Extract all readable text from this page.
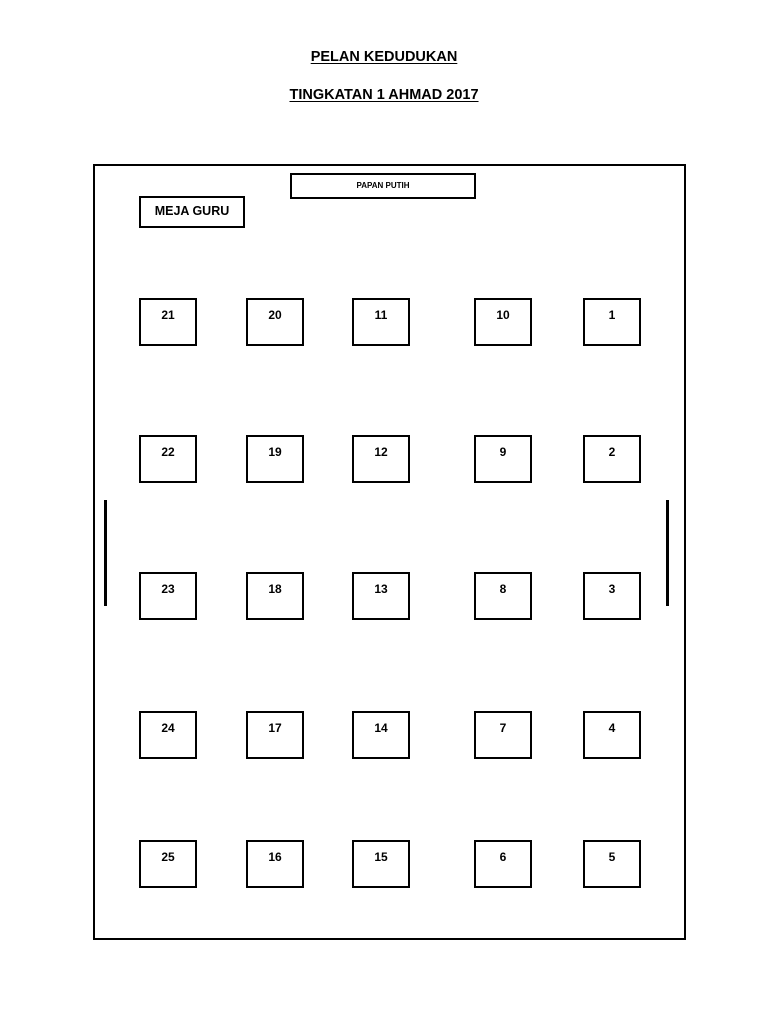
PELAN KEDUDUKAN
TINGKATAN 1 AHMAD 2017
PAPAN PUTIH
MEJA GURU
21	20	11	10	1
22	19	12	9	2
23	18	13	8	3
24	17	14	7	4
25	16	15	6	5
